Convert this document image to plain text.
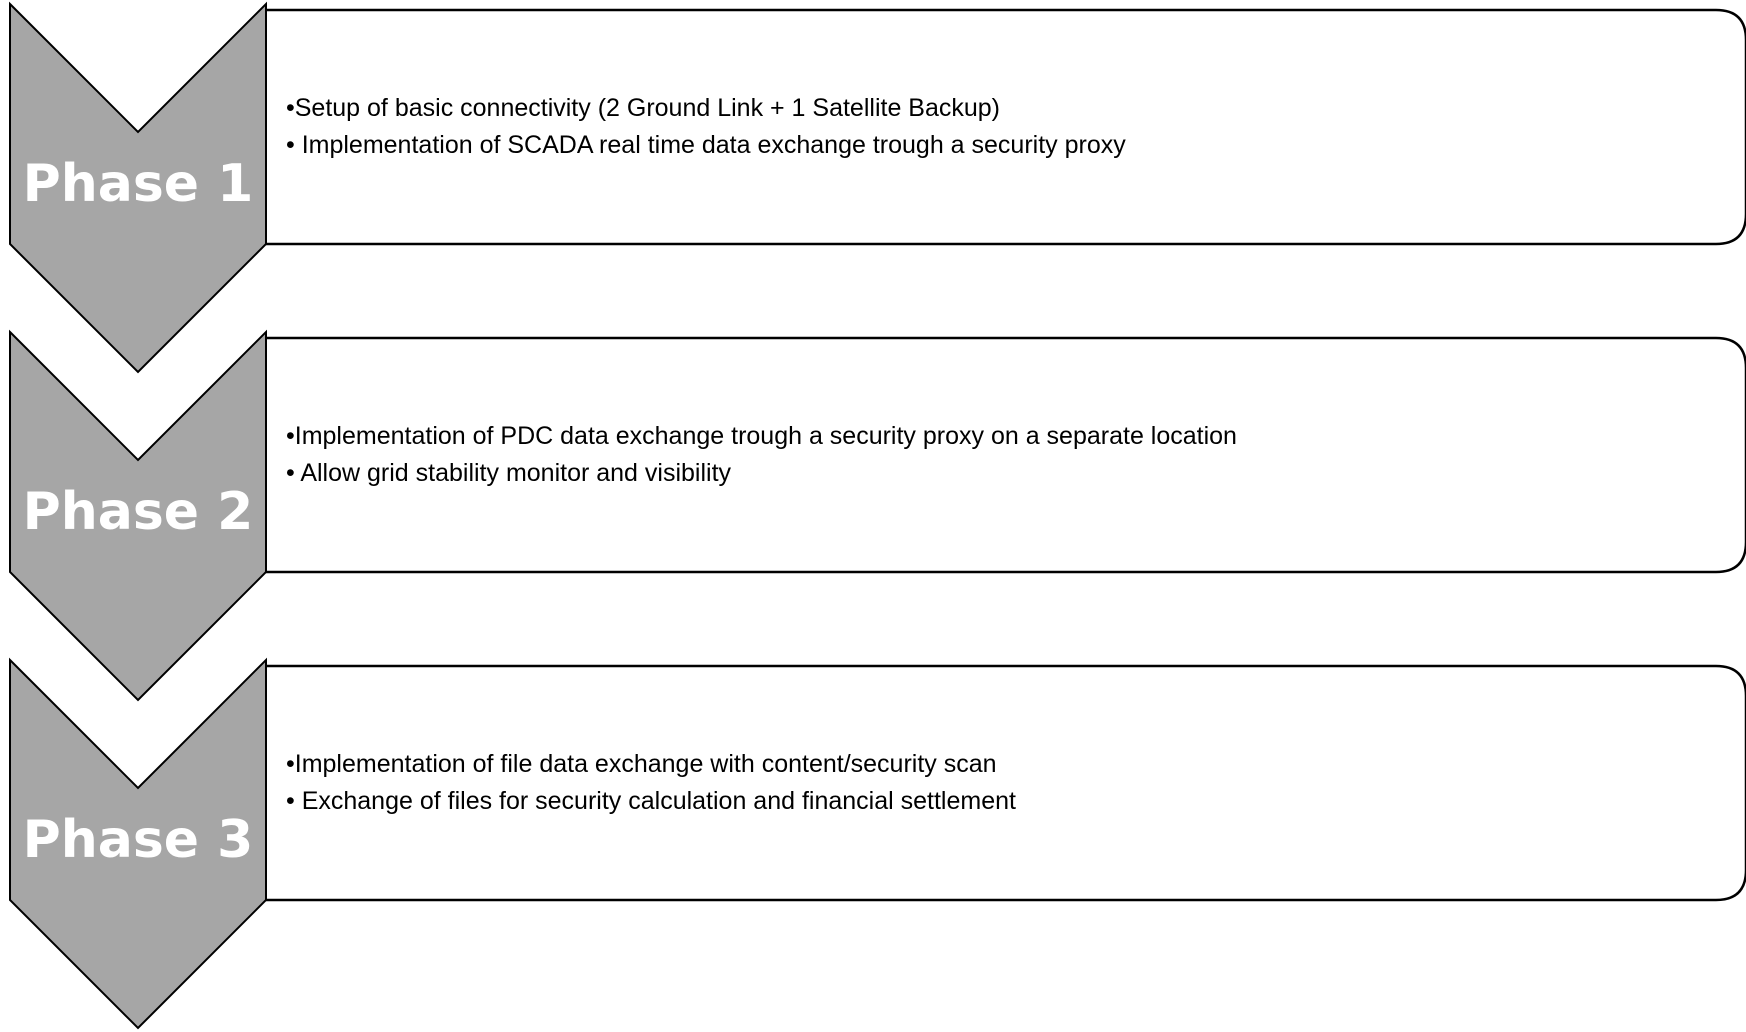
Phase 1
•Setup of basic connectivity (2 Ground Link + 1 Satellite Backup)
• Implementation of SCADA real time data exchange trough a security proxy
Phase 2
•Implementation of PDC data exchange trough a security proxy on a separate location
• Allow grid stability monitor and visibility
Phase 3
•Implementation of file data exchange with content/security scan
• Exchange of files for security calculation and financial settlement
